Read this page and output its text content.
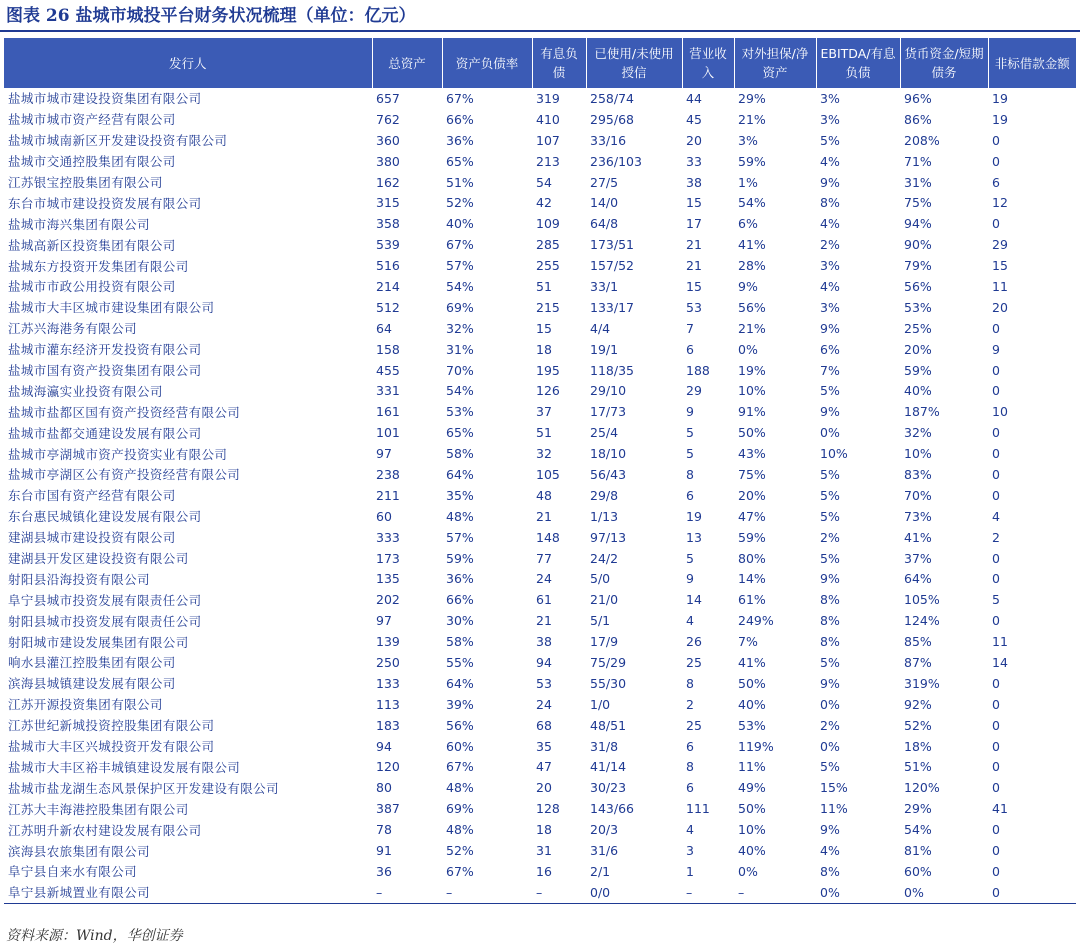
图表 26 盐城市城投平台财务状况梳理（单位：亿元）
发行人	总资产	资产负债率	有息负债	已使用/未使用授信	营业收入	对外担保/净资产	EBITDA/有息负债	货币资金/短期债务	非标借款金额
盐城市城市建设投资集团有限公司	657	67%	319	258/74	44	29%	3%	96%	19
盐城市城市资产经营有限公司	762	66%	410	295/68	45	21%	3%	86%	19
盐城市城南新区开发建设投资有限公司	360	36%	107	33/16	20	3%	5%	208%	0
盐城市交通控股集团有限公司	380	65%	213	236/103	33	59%	4%	71%	0
江苏银宝控股集团有限公司	162	51%	54	27/5	38	1%	9%	31%	6
东台市城市建设投资发展有限公司	315	52%	42	14/0	15	54%	8%	75%	12
盐城市海兴集团有限公司	358	40%	109	64/8	17	6%	4%	94%	0
盐城高新区投资集团有限公司	539	67%	285	173/51	21	41%	2%	90%	29
盐城东方投资开发集团有限公司	516	57%	255	157/52	21	28%	3%	79%	15
盐城市市政公用投资有限公司	214	54%	51	33/1	15	9%	4%	56%	11
盐城市大丰区城市建设集团有限公司	512	69%	215	133/17	53	56%	3%	53%	20
江苏兴海港务有限公司	64	32%	15	4/4	7	21%	9%	25%	0
盐城市灌东经济开发投资有限公司	158	31%	18	19/1	6	0%	6%	20%	9
盐城市国有资产投资集团有限公司	455	70%	195	118/35	188	19%	7%	59%	0
盐城海瀛实业投资有限公司	331	54%	126	29/10	29	10%	5%	40%	0
盐城市盐都区国有资产投资经营有限公司	161	53%	37	17/73	9	91%	9%	187%	10
盐城市盐都交通建设发展有限公司	101	65%	51	25/4	5	50%	0%	32%	0
盐城市亭湖城市资产投资实业有限公司	97	58%	32	18/10	5	43%	10%	10%	0
盐城市亭湖区公有资产投资经营有限公司	238	64%	105	56/43	8	75%	5%	83%	0
东台市国有资产经营有限公司	211	35%	48	29/8	6	20%	5%	70%	0
东台惠民城镇化建设发展有限公司	60	48%	21	1/13	19	47%	5%	73%	4
建湖县城市建设投资有限公司	333	57%	148	97/13	13	59%	2%	41%	2
建湖县开发区建设投资有限公司	173	59%	77	24/2	5	80%	5%	37%	0
射阳县沿海投资有限公司	135	36%	24	5/0	9	14%	9%	64%	0
阜宁县城市投资发展有限责任公司	202	66%	61	21/0	14	61%	8%	105%	5
射阳县城市投资发展有限责任公司	97	30%	21	5/1	4	249%	8%	124%	0
射阳城市建设发展集团有限公司	139	58%	38	17/9	26	7%	8%	85%	11
响水县灌江控股集团有限公司	250	55%	94	75/29	25	41%	5%	87%	14
滨海县城镇建设发展有限公司	133	64%	53	55/30	8	50%	9%	319%	0
江苏开源投资集团有限公司	113	39%	24	1/0	2	40%	0%	92%	0
江苏世纪新城投资控股集团有限公司	183	56%	68	48/51	25	53%	2%	52%	0
盐城市大丰区兴城投资开发有限公司	94	60%	35	31/8	6	119%	0%	18%	0
盐城市大丰区裕丰城镇建设发展有限公司	120	67%	47	41/14	8	11%	5%	51%	0
盐城市盐龙湖生态风景保护区开发建设有限公司	80	48%	20	30/23	6	49%	15%	120%	0
江苏大丰海港控股集团有限公司	387	69%	128	143/66	111	50%	11%	29%	41
江苏明升新农村建设发展有限公司	78	48%	18	20/3	4	10%	9%	54%	0
滨海县农旅集团有限公司	91	52%	31	31/6	3	40%	4%	81%	0
阜宁县自来水有限公司	36	67%	16	2/1	1	0%	8%	60%	0
阜宁县新城置业有限公司	–	–	–	0/0	–	–	0%	0%	0
资料来源：Wind，华创证券
